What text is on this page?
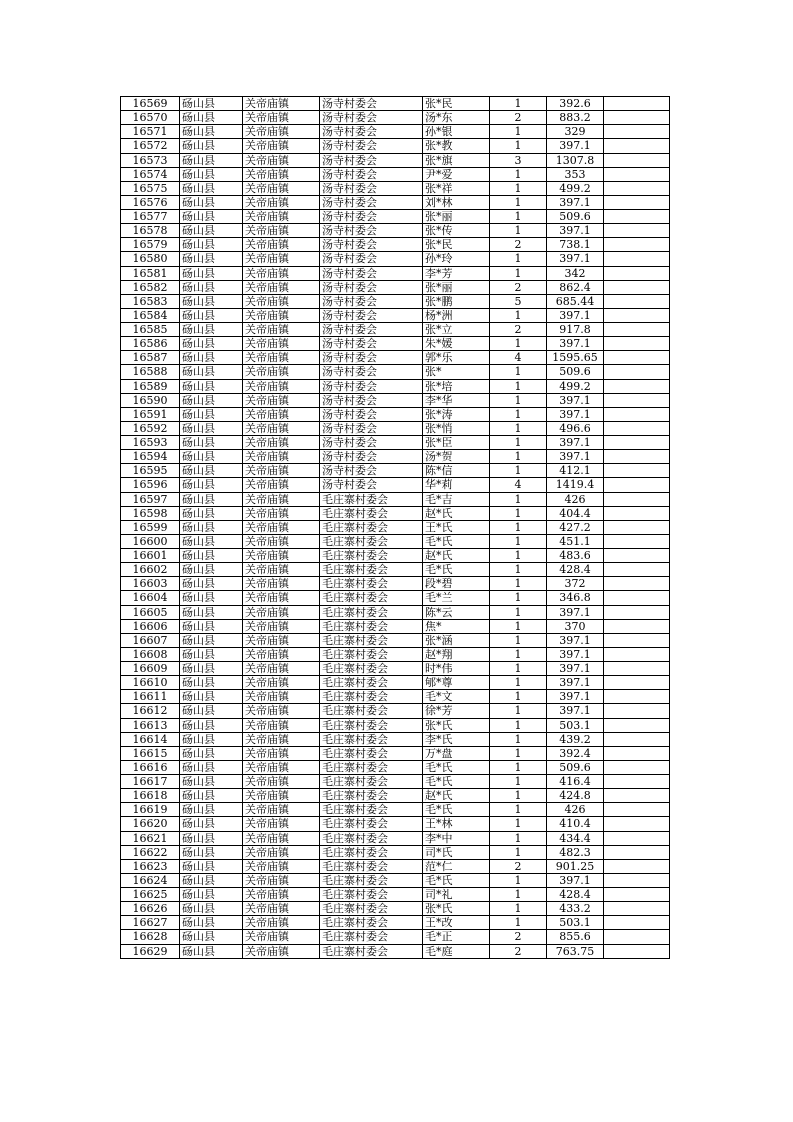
16569	砀山县	关帝庙镇	汤寺村委会	张*民	1	392.6	
16570	砀山县	关帝庙镇	汤寺村委会	汤*东	2	883.2	
16571	砀山县	关帝庙镇	汤寺村委会	孙*银	1	329	
16572	砀山县	关帝庙镇	汤寺村委会	张*教	1	397.1	
16573	砀山县	关帝庙镇	汤寺村委会	张*旗	3	1307.8	
16574	砀山县	关帝庙镇	汤寺村委会	尹*爱	1	353	
16575	砀山县	关帝庙镇	汤寺村委会	张*祥	1	499.2	
16576	砀山县	关帝庙镇	汤寺村委会	刘*林	1	397.1	
16577	砀山县	关帝庙镇	汤寺村委会	张*丽	1	509.6	
16578	砀山县	关帝庙镇	汤寺村委会	张*传	1	397.1	
16579	砀山县	关帝庙镇	汤寺村委会	张*民	2	738.1	
16580	砀山县	关帝庙镇	汤寺村委会	孙*玲	1	397.1	
16581	砀山县	关帝庙镇	汤寺村委会	李*芳	1	342	
16582	砀山县	关帝庙镇	汤寺村委会	张*丽	2	862.4	
16583	砀山县	关帝庙镇	汤寺村委会	张*鹏	5	685.44	
16584	砀山县	关帝庙镇	汤寺村委会	杨*洲	1	397.1	
16585	砀山县	关帝庙镇	汤寺村委会	张*立	2	917.8	
16586	砀山县	关帝庙镇	汤寺村委会	朱*媛	1	397.1	
16587	砀山县	关帝庙镇	汤寺村委会	郭*乐	4	1595.65	
16588	砀山县	关帝庙镇	汤寺村委会	张*	1	509.6	
16589	砀山县	关帝庙镇	汤寺村委会	张*培	1	499.2	
16590	砀山县	关帝庙镇	汤寺村委会	李*华	1	397.1	
16591	砀山县	关帝庙镇	汤寺村委会	张*涛	1	397.1	
16592	砀山县	关帝庙镇	汤寺村委会	张*悄	1	496.6	
16593	砀山县	关帝庙镇	汤寺村委会	张*臣	1	397.1	
16594	砀山县	关帝庙镇	汤寺村委会	汤*贺	1	397.1	
16595	砀山县	关帝庙镇	汤寺村委会	陈*信	1	412.1	
16596	砀山县	关帝庙镇	汤寺村委会	华*莉	4	1419.4	
16597	砀山县	关帝庙镇	毛庄寨村委会	毛*吉	1	426	
16598	砀山县	关帝庙镇	毛庄寨村委会	赵*氏	1	404.4	
16599	砀山县	关帝庙镇	毛庄寨村委会	王*氏	1	427.2	
16600	砀山县	关帝庙镇	毛庄寨村委会	毛*氏	1	451.1	
16601	砀山县	关帝庙镇	毛庄寨村委会	赵*氏	1	483.6	
16602	砀山县	关帝庙镇	毛庄寨村委会	毛*氏	1	428.4	
16603	砀山县	关帝庙镇	毛庄寨村委会	段*碧	1	372	
16604	砀山县	关帝庙镇	毛庄寨村委会	毛*兰	1	346.8	
16605	砀山县	关帝庙镇	毛庄寨村委会	陈*云	1	397.1	
16606	砀山县	关帝庙镇	毛庄寨村委会	焦*	1	370	
16607	砀山县	关帝庙镇	毛庄寨村委会	张*涵	1	397.1	
16608	砀山县	关帝庙镇	毛庄寨村委会	赵*翔	1	397.1	
16609	砀山县	关帝庙镇	毛庄寨村委会	时*伟	1	397.1	
16610	砀山县	关帝庙镇	毛庄寨村委会	郇*尊	1	397.1	
16611	砀山县	关帝庙镇	毛庄寨村委会	毛*文	1	397.1	
16612	砀山县	关帝庙镇	毛庄寨村委会	徐*芳	1	397.1	
16613	砀山县	关帝庙镇	毛庄寨村委会	张*氏	1	503.1	
16614	砀山县	关帝庙镇	毛庄寨村委会	李*氏	1	439.2	
16615	砀山县	关帝庙镇	毛庄寨村委会	万*盘	1	392.4	
16616	砀山县	关帝庙镇	毛庄寨村委会	毛*氏	1	509.6	
16617	砀山县	关帝庙镇	毛庄寨村委会	毛*氏	1	416.4	
16618	砀山县	关帝庙镇	毛庄寨村委会	赵*氏	1	424.8	
16619	砀山县	关帝庙镇	毛庄寨村委会	毛*氏	1	426	
16620	砀山县	关帝庙镇	毛庄寨村委会	王*林	1	410.4	
16621	砀山县	关帝庙镇	毛庄寨村委会	李*中	1	434.4	
16622	砀山县	关帝庙镇	毛庄寨村委会	司*氏	1	482.3	
16623	砀山县	关帝庙镇	毛庄寨村委会	范*仁	2	901.25	
16624	砀山县	关帝庙镇	毛庄寨村委会	毛*氏	1	397.1	
16625	砀山县	关帝庙镇	毛庄寨村委会	司*礼	1	428.4	
16626	砀山县	关帝庙镇	毛庄寨村委会	张*氏	1	433.2	
16627	砀山县	关帝庙镇	毛庄寨村委会	王*改	1	503.1	
16628	砀山县	关帝庙镇	毛庄寨村委会	毛*正	2	855.6	
16629	砀山县	关帝庙镇	毛庄寨村委会	毛*庭	2	763.75	
